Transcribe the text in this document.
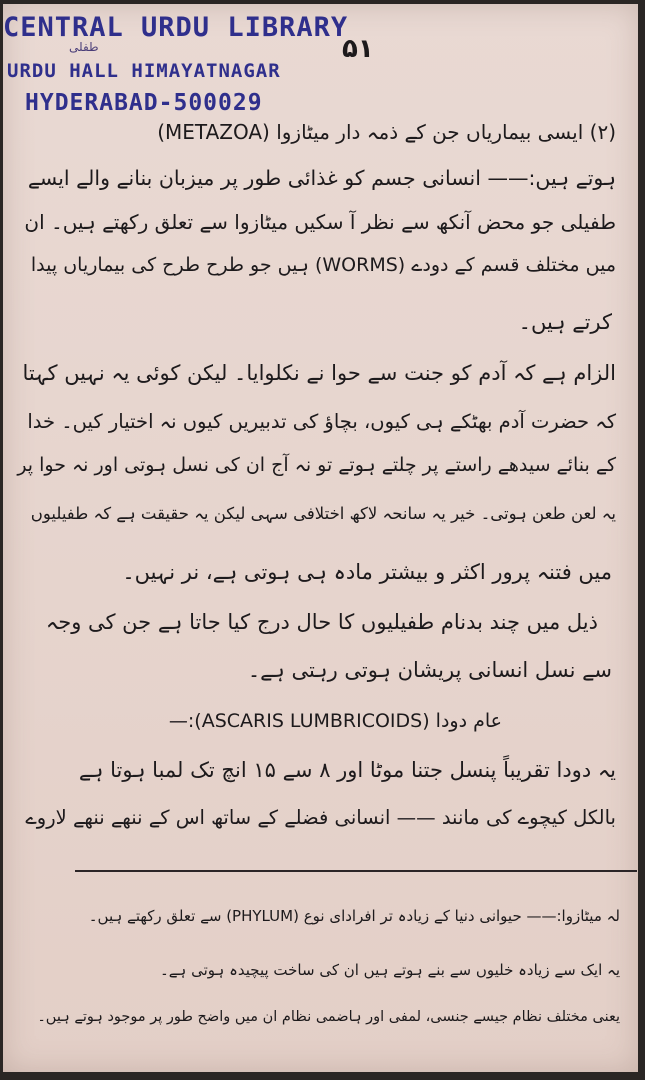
CENTRAL URDU LIBRARY
طفلی
URDU HALL HIMAYATNAGAR
HYDERABAD-500029
۵۱

(۲) ایسی بیماریاں جن کے ذمہ دار میٹازوا (METAZOA)

ہوتے ہیں:—— انسانی جسم کو غذائی طور پر میزبان بنانے والے ایسے

طفیلی جو محض آنکھ سے نظر آ سکیں میٹازوا سے تعلق رکھتے ہیں۔ ان

میں مختلف قسم کے دودے (WORMS) ہیں جو طرح طرح کی بیماریاں پیدا

کرتے ہیں۔

الزام ہے کہ آدم کو جنت سے حوا نے نکلوایا۔ لیکن کوئی یہ نہیں کہتا

کہ حضرت آدم بھٹکے ہی کیوں، بچاؤ کی تدبیریں کیوں نہ اختیار کیں۔ خدا

کے بنائے سیدھے راستے پر چلتے ہوتے تو نہ آج ان کی نسل ہوتی اور نہ حوا پر

یہ لعن طعن ہوتی۔ خیر یہ سانحہ لاکھ اختلافی سہی لیکن یہ حقیقت ہے کہ طفیلیوں

میں فتنہ پرور اکثر و بیشتر مادہ ہی ہوتی ہے، نر نہیں۔

ذیل میں چند بدنام طفیلیوں کا حال درج کیا جاتا ہے جن کی وجہ

سے نسل انسانی پریشان ہوتی رہتی ہے۔

عام دودا (ASCARIS LUMBRICOIDS):—

یہ دودا تقریباً پنسل جتنا موٹا اور ۸ سے ۱۵ انچ تک لمبا ہوتا ہے

بالکل کیچوے کی مانند —— انسانی فضلے کے ساتھ اس کے ننھے ننھے لاروے

لہ میٹازوا:—— حیوانی دنیا کے زیادہ تر افرادای نوع (PHYLUM) سے تعلق رکھتے ہیں۔

یہ ایک سے زیادہ خلیوں سے بنے ہوتے ہیں ان کی ساخت پیچیدہ ہوتی ہے۔

یعنی مختلف نظام جیسے جنسی، لمفی اور ہاضمی نظام ان میں واضح طور پر موجود ہوتے ہیں۔
